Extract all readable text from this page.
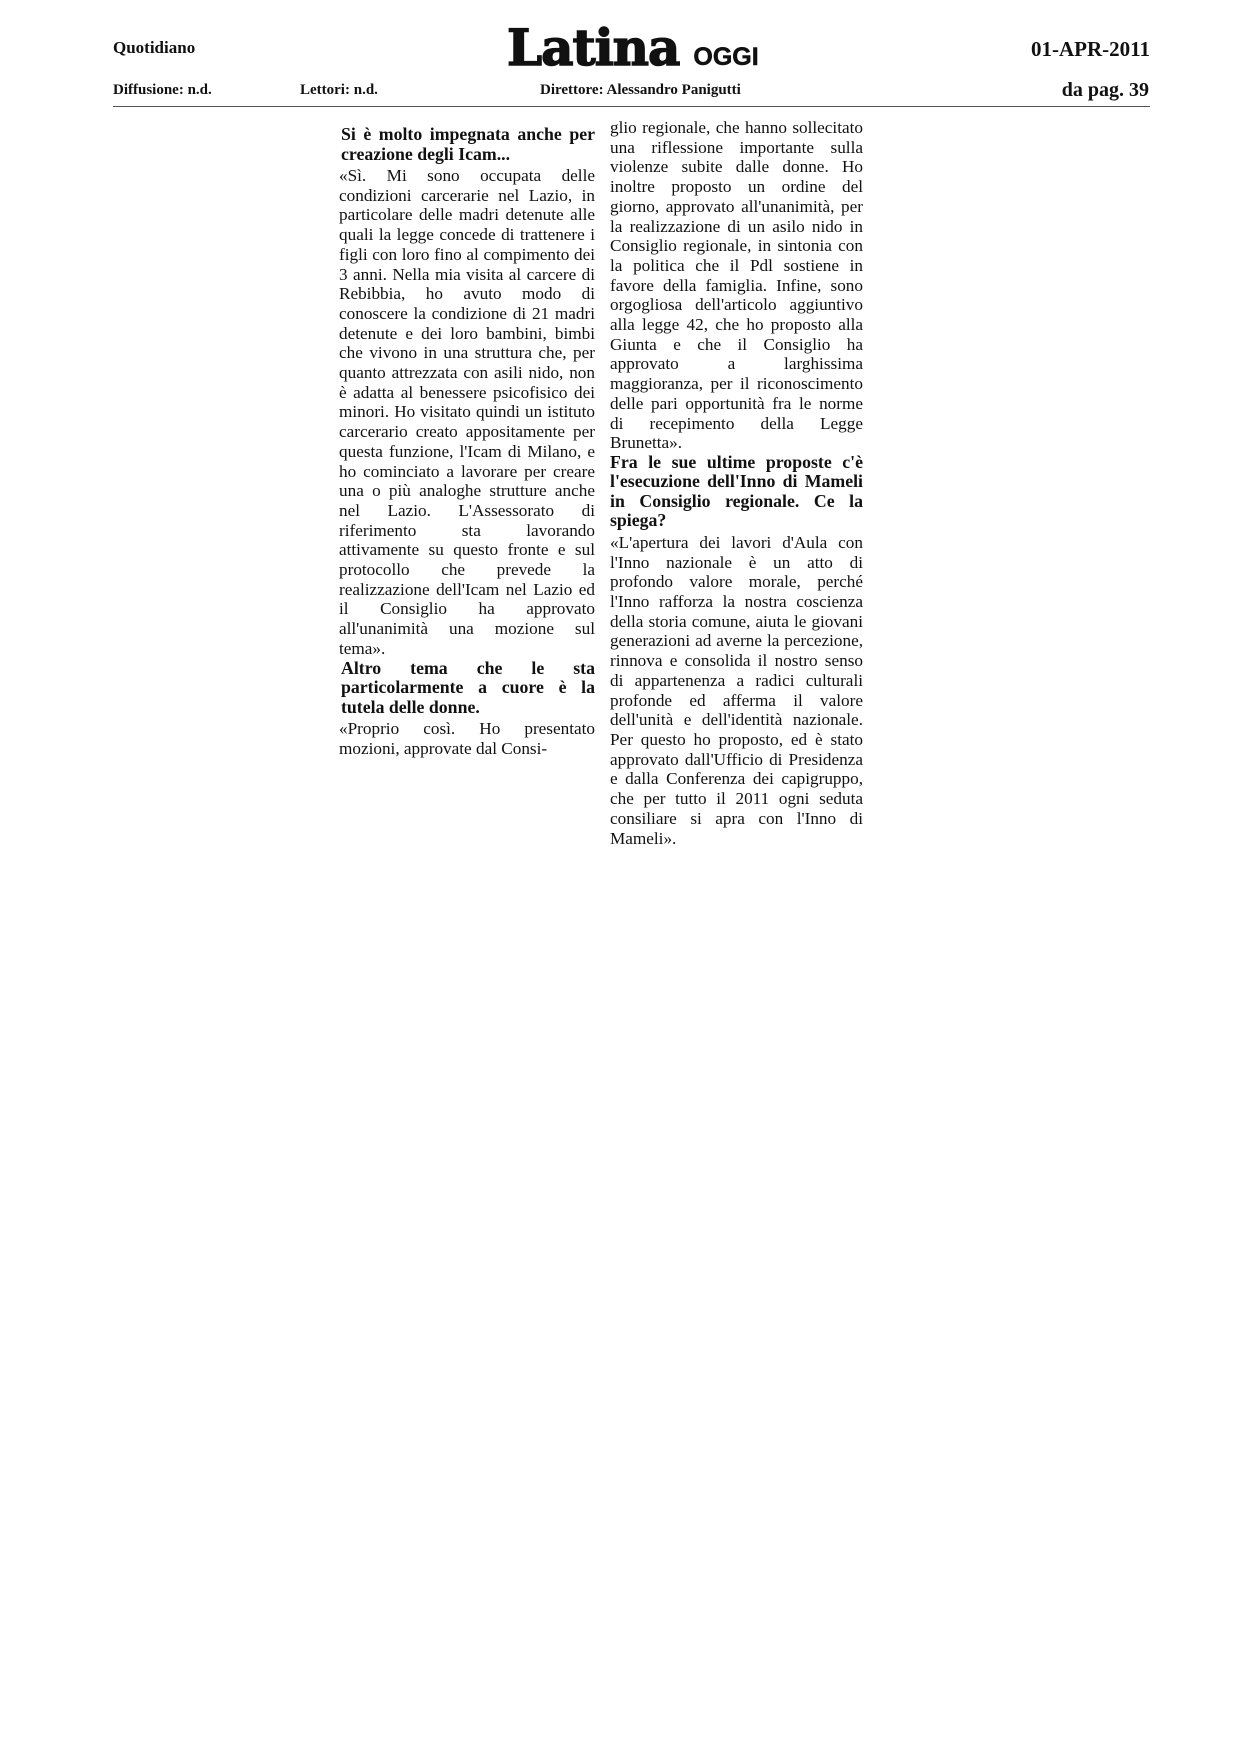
Quotidiano	Latina OGGI	01-APR-2011
Diffusione: n.d.	Lettori: n.d.	Direttore: Alessandro Panigutti	da pag. 39

Si è molto impegnata anche per creazione degli Icam...

«Sì. Mi sono occupata delle condizioni carcerarie nel Lazio, in particolare delle madri detenute alle quali la legge concede di trattenere i figli con loro fino al compimento dei 3 anni. Nella mia visita al carcere di Rebibbia, ho avuto modo di conoscere la condizione di 21 madri detenute e dei loro bambini, bimbi che vivono in una struttura che, per quanto attrezzata con asili nido, non è adatta al benessere psicofisico dei minori. Ho visitato quindi un istituto carcerario creato appositamente per questa funzione, l'Icam di Milano, e ho cominciato a lavorare per creare una o più analoghe strutture anche nel Lazio. L'Assessorato di riferimento sta lavorando attivamente su questo fronte e sul protocollo che prevede la realizzazione dell'Icam nel Lazio ed il Consiglio ha approvato all'unanimità una mozione sul tema».

Altro tema che le sta particolarmente a cuore è la tutela delle donne.

«Proprio così. Ho presentato mozioni, approvate dal Consi-

glio regionale, che hanno sollecitato una riflessione importante sulla violenze subite dalle donne. Ho inoltre proposto un ordine del giorno, approvato all'unanimità, per la realizzazione di un asilo nido in Consiglio regionale, in sintonia con la politica che il Pdl sostiene in favore della famiglia. Infine, sono orgogliosa dell'articolo aggiuntivo alla legge 42, che ho proposto alla Giunta e che il Consiglio ha approvato a larghissima maggioranza, per il riconoscimento delle pari opportunità fra le norme di recepimento della Legge Brunetta».

Fra le sue ultime proposte c'è l'esecuzione dell'Inno di Mameli in Consiglio regionale. Ce la spiega?

«L'apertura dei lavori d'Aula con l'Inno nazionale è un atto di profondo valore morale, perché l'Inno rafforza la nostra coscienza della storia comune, aiuta le giovani generazioni ad averne la percezione, rinnova e consolida il nostro senso di appartenenza a radici culturali profonde ed afferma il valore dell'unità e dell'identità nazionale. Per questo ho proposto, ed è stato approvato dall'Ufficio di Presidenza e dalla Conferenza dei capigruppo, che per tutto il 2011 ogni seduta consiliare si apra con l'Inno di Mameli».
